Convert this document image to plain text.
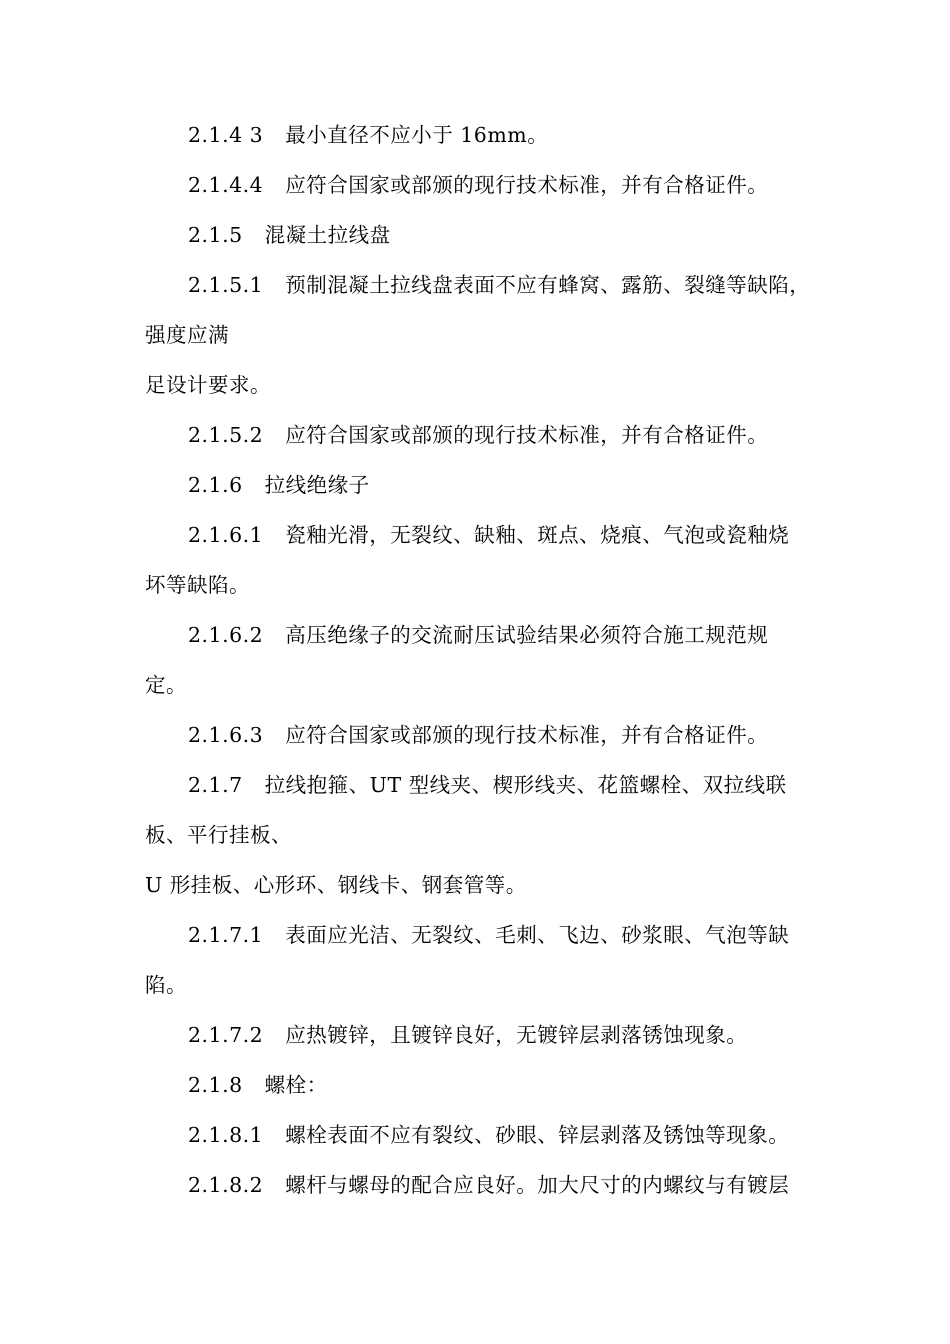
2.1.4 3 最小直径不应小于 16mm。
2.1.4.4 应符合国家或部颁的现行技术标准，并有合格证件。
2.1.5 混凝土拉线盘
2.1.5.1 预制混凝土拉线盘表面不应有蜂窝、露筋、裂缝等缺陷，
强度应满
足设计要求。
2.1.5.2 应符合国家或部颁的现行技术标准，并有合格证件。
2.1.6 拉线绝缘子
2.1.6.1 瓷釉光滑，无裂纹、缺釉、斑点、烧痕、气泡或瓷釉烧
坏等缺陷。
2.1.6.2 高压绝缘子的交流耐压试验结果必须符合施工规范规
定。
2.1.6.3 应符合国家或部颁的现行技术标准，并有合格证件。
2.1.7 拉线抱箍、UT 型线夹、楔形线夹、花篮螺栓、双拉线联
板、平行挂板、
U 形挂板、心形环、钢线卡、钢套管等。
2.1.7.1 表面应光洁、无裂纹、毛刺、飞边、砂浆眼、气泡等缺
陷。
2.1.7.2 应热镀锌，且镀锌良好，无镀锌层剥落锈蚀现象。
2.1.8 螺栓：
2.1.8.1 螺栓表面不应有裂纹、砂眼、锌层剥落及锈蚀等现象。
2.1.8.2 螺杆与螺母的配合应良好。加大尺寸的内螺纹与有镀层
